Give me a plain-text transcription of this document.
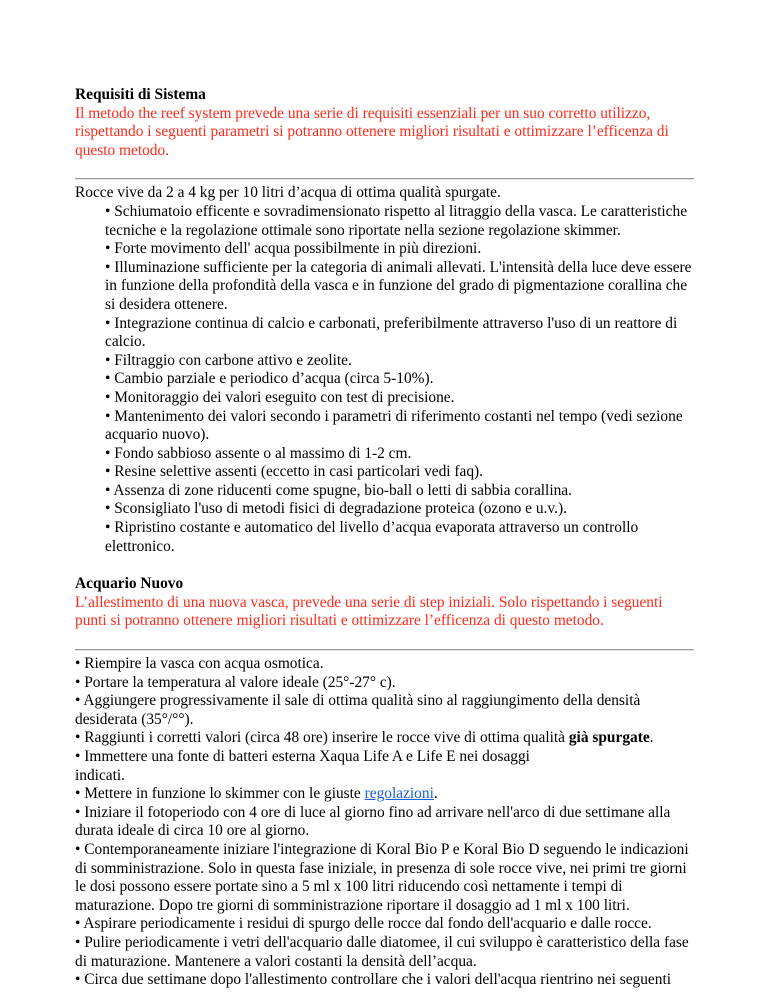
Requisiti di Sistema

Il metodo the reef system prevede una serie di requisiti essenziali per un suo corretto utilizzo, rispettando i seguenti parametri si potranno ottenere migliori risultati e ottimizzare l’efficenza di questo metodo.

Rocce vive da 2 a 4 kg per 10 litri d’acqua di ottima qualità spurgate.

• Schiumatoio efficente e sovradimensionato rispetto al litraggio della vasca. Le caratteristiche tecniche e la regolazione ottimale sono riportate nella sezione regolazione skimmer.

• Forte movimento dell' acqua possibilmente in più direzioni.

• Illuminazione sufficiente per la categoria di animali allevati. L'intensità della luce deve essere in funzione della profondità della vasca e in funzione del grado di pigmentazione corallina che si desidera ottenere.

• Integrazione continua di calcio e carbonati, preferibilmente attraverso l'uso di un reattore di calcio.

• Filtraggio con carbone attivo e zeolite.

• Cambio parziale e periodico d’acqua (circa 5-10%).

• Monitoraggio dei valori eseguito con test di precisione.

• Mantenimento dei valori secondo i parametri di riferimento costanti nel tempo (vedi sezione acquario nuovo).

• Fondo sabbioso assente o al massimo di 1-2 cm.

• Resine selettive assenti (eccetto in casi particolari vedi faq).

• Assenza di zone riducenti come spugne, bio-ball o letti di sabbia corallina.

• Sconsigliato l'uso di metodi fisici di degradazione proteica (ozono e u.v.).

• Ripristino costante e automatico del livello d’acqua evaporata attraverso un controllo elettronico.

Acquario Nuovo

L’allestimento di una nuova vasca, prevede una serie di step iniziali. Solo rispettando i seguenti punti si potranno ottenere migliori risultati e ottimizzare l’efficenza di questo metodo.

• Riempire la vasca con acqua osmotica.

• Portare la temperatura al valore ideale (25°-27° c).

• Aggiungere progressivamente il sale di ottima qualità sino al raggiungimento della densità desiderata (35°/°°).

• Raggiunti i corretti valori (circa 48 ore) inserire le rocce vive di ottima qualità già spurgate.

• Immettere una fonte di batteri esterna Xaqua Life A e Life E nei dosaggi

indicati.

• Mettere in funzione lo skimmer con le giuste regolazioni.

• Iniziare il fotoperiodo con 4 ore di luce al giorno fino ad arrivare nell'arco di due settimane alla durata ideale di circa 10 ore al giorno.

• Contemporaneamente iniziare l'integrazione di Koral Bio P e Koral Bio D seguendo le indicazioni di somministrazione. Solo in questa fase iniziale, in presenza di sole rocce vive, nei primi tre giorni le dosi possono essere portate sino a 5 ml x 100 litri riducendo così nettamente i tempi di maturazione. Dopo tre giorni di somministrazione riportare il dosaggio ad 1 ml x 100 litri.

• Aspirare periodicamente i residui di spurgo delle rocce dal fondo dell'acquario e dalle rocce.

• Pulire periodicamente i vetri dell'acquario dalle diatomee, il cui sviluppo è caratteristico della fase di maturazione. Mantenere a valori costanti la densità dell’acqua.

• Circa due settimane dopo l'allestimento controllare che i valori dell'acqua rientrino nei seguenti
